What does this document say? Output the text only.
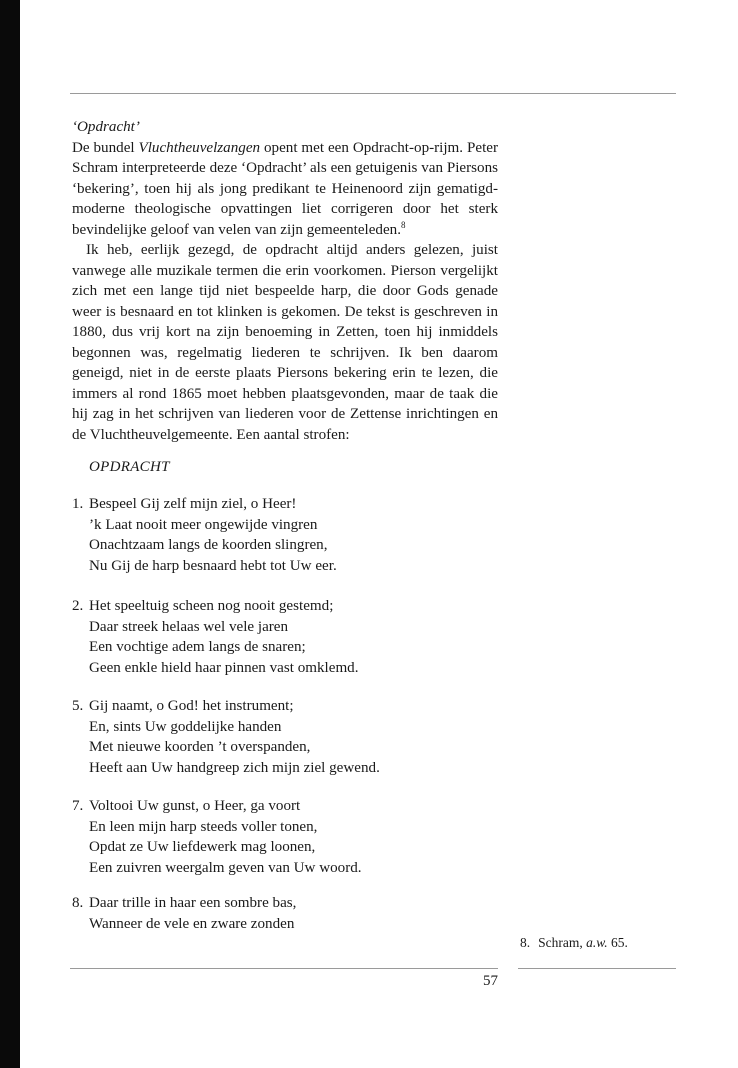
‘Opdracht’

De bundel Vluchtheuvelzangen opent met een Opdracht-op-rijm. Peter Schram interpreteerde deze ‘Opdracht’ als een getuigenis van Piersons ‘bekering’, toen hij als jong predikant te Heinenoord zijn gematigd-moderne theologische opvattingen liet corrigeren door het sterk bevindelijke geloof van velen van zijn gemeenteleden.$^8$

Ik heb, eerlijk gezegd, de opdracht altijd anders gelezen, juist vanwege alle muzikale termen die erin voorkomen. Pierson vergelijkt zich met een lange tijd niet bespeelde harp, die door Gods genade weer is besnaard en tot klinken is gekomen. De tekst is geschreven in 1880, dus vrij kort na zijn benoeming in Zetten, toen hij inmiddels begonnen was, regelmatig liederen te schrijven. Ik ben daarom geneigd, niet in de eerste plaats Piersons bekering erin te lezen, die immers al rond 1865 moet hebben plaatsgevonden, maar de taak die hij zag in het schrijven van liederen voor de Zettense inrichtingen en de Vluchtheuvelgemeente. Een aantal strofen:

OPDRACHT
1. Bespeel Gij zelf mijn ziel, o Heer!
’k Laat nooit meer ongewijde vingren
Onachtzaam langs de koorden slingren,
Nu Gij de harp besnaard hebt tot Uw eer.
2. Het speeltuig scheen nog nooit gestemd;
Daar streek helaas wel vele jaren
Een vochtige adem langs de snaren;
Geen enkle hield haar pinnen vast omklemd.
5. Gij naamt, o God! het instrument;
En, sints Uw goddelijke handen
Met nieuwe koorden ’t overspanden,
Heeft aan Uw handgreep zich mijn ziel gewend.
7. Voltooi Uw gunst, o Heer, ga voort
En leen mijn harp steeds voller tonen,
Opdat ze Uw liefdewerk mag loonen,
Een zuivren weergalm geven van Uw woord.
8. Daar trille in haar een sombre bas,
Wanneer de vele en zware zonden
8. Schram, a.w. 65.
57
